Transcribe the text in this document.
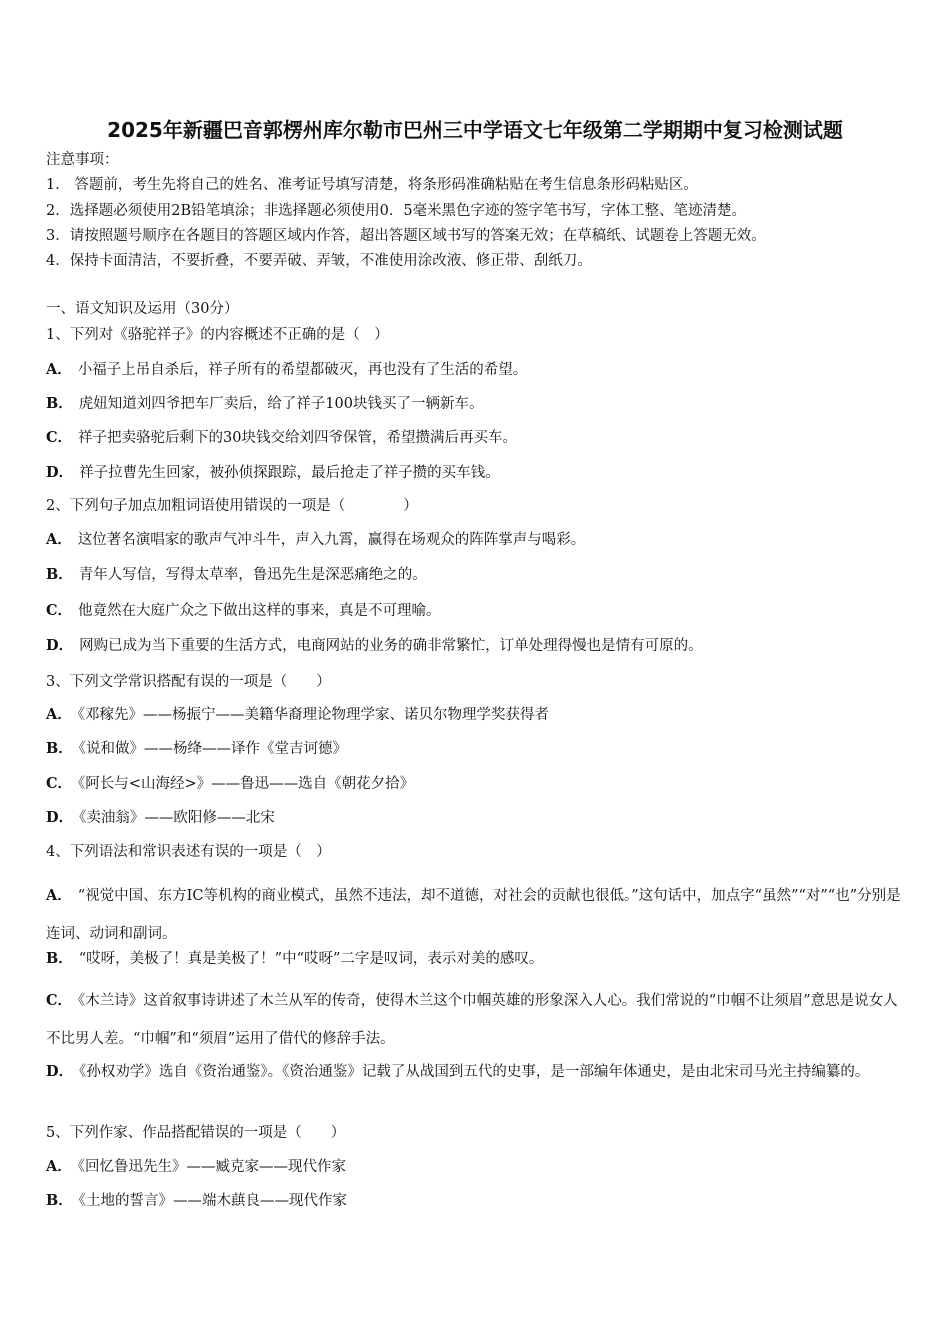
2025年新疆巴音郭楞州库尔勒市巴州三中学语文七年级第二学期期中复习检测试题
注意事项：
1． 答题前，考生先将自己的姓名、准考证号填写清楚，将条形码准确粘贴在考生信息条形码粘贴区。
2．选择题必须使用2B铅笔填涂；非选择题必须使用0．5毫米黑色字迹的签字笔书写，字体工整、笔迹清楚。
3．请按照题号顺序在各题目的答题区域内作答，超出答题区域书写的答案无效；在草稿纸、试题卷上答题无效。
4．保持卡面清洁，不要折叠，不要弄破、弄皱，不准使用涂改液、修正带、刮纸刀。
一、语文知识及运用（30分）
1、下列对《骆驼祥子》的内容概述不正确的是（　）
A． 小福子上吊自杀后，祥子所有的希望都破灭，再也没有了生活的希望。
B． 虎妞知道刘四爷把车厂卖后，给了祥子100块钱买了一辆新车。
C． 祥子把卖骆驼后剩下的30块钱交给刘四爷保管，希望攒满后再买车。
D． 祥子拉曹先生回家，被孙侦探跟踪，最后抢走了祥子攒的买车钱。
2、下列句子加点加粗词语使用错误的一项是（　　　　）
A． 这位著名演唱家的歌声气冲斗牛，声入九霄，赢得在场观众的阵阵掌声与喝彩。
B． 青年人写信，写得太草率，鲁迅先生是深恶痛绝之的。
C． 他竟然在大庭广众之下做出这样的事来，真是不可理喻。
D． 网购已成为当下重要的生活方式，电商网站的业务的确非常繁忙，订单处理得慢也是情有可原的。
3、下列文学常识搭配有误的一项是（　　）
A． 《邓稼先》——杨振宁——美籍华裔理论物理学家、诺贝尔物理学奖获得者
B． 《说和做》——杨绛——译作《堂吉诃德》
C． 《阿长与<山海经>》——鲁迅——选自《朝花夕拾》
D． 《卖油翁》——欧阳修——北宋
4、下列语法和常识表述有误的一项是（　）
A． “视觉中国、东方IC等机构的商业模式，虽然不违法，却不道德，对社会的贡献也很低。”这句话中，加点字“虽然”“对”“也”分别是连词、动词和副词。
B． “哎呀，美极了！真是美极了！”中“哎呀”二字是叹词，表示对美的感叹。
C． 《木兰诗》这首叙事诗讲述了木兰从军的传奇，使得木兰这个巾帼英雄的形象深入人心。我们常说的“巾帼不让须眉”意思是说女人不比男人差。“巾帼”和“须眉”运用了借代的修辞手法。
D． 《孙权劝学》选自《资治通鉴》。《资治通鉴》记载了从战国到五代的史事，是一部编年体通史，是由北宋司马光主持编纂的。
5、下列作家、作品搭配错误的一项是（　　）
A． 《回忆鲁迅先生》——臧克家——现代作家
B． 《土地的誓言》——端木蕻良——现代作家
